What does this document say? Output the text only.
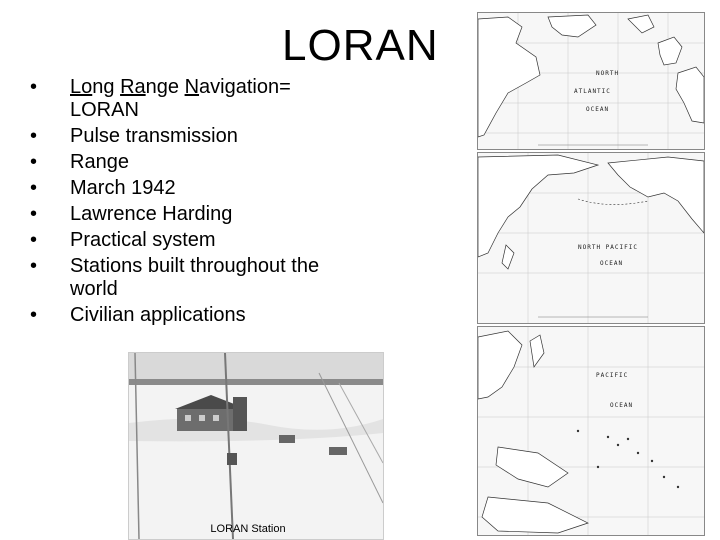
LORAN
• Long Range Navigation= LORAN
• Pulse transmission
• Range
• March 1942
• Lawrence Harding
• Practical system
• Stations built throughout the world
• Civilian applications
NORTH
ATLANTIC
OCEAN
NORTH PACIFIC
OCEAN
PACIFIC
OCEAN
LORAN Station
